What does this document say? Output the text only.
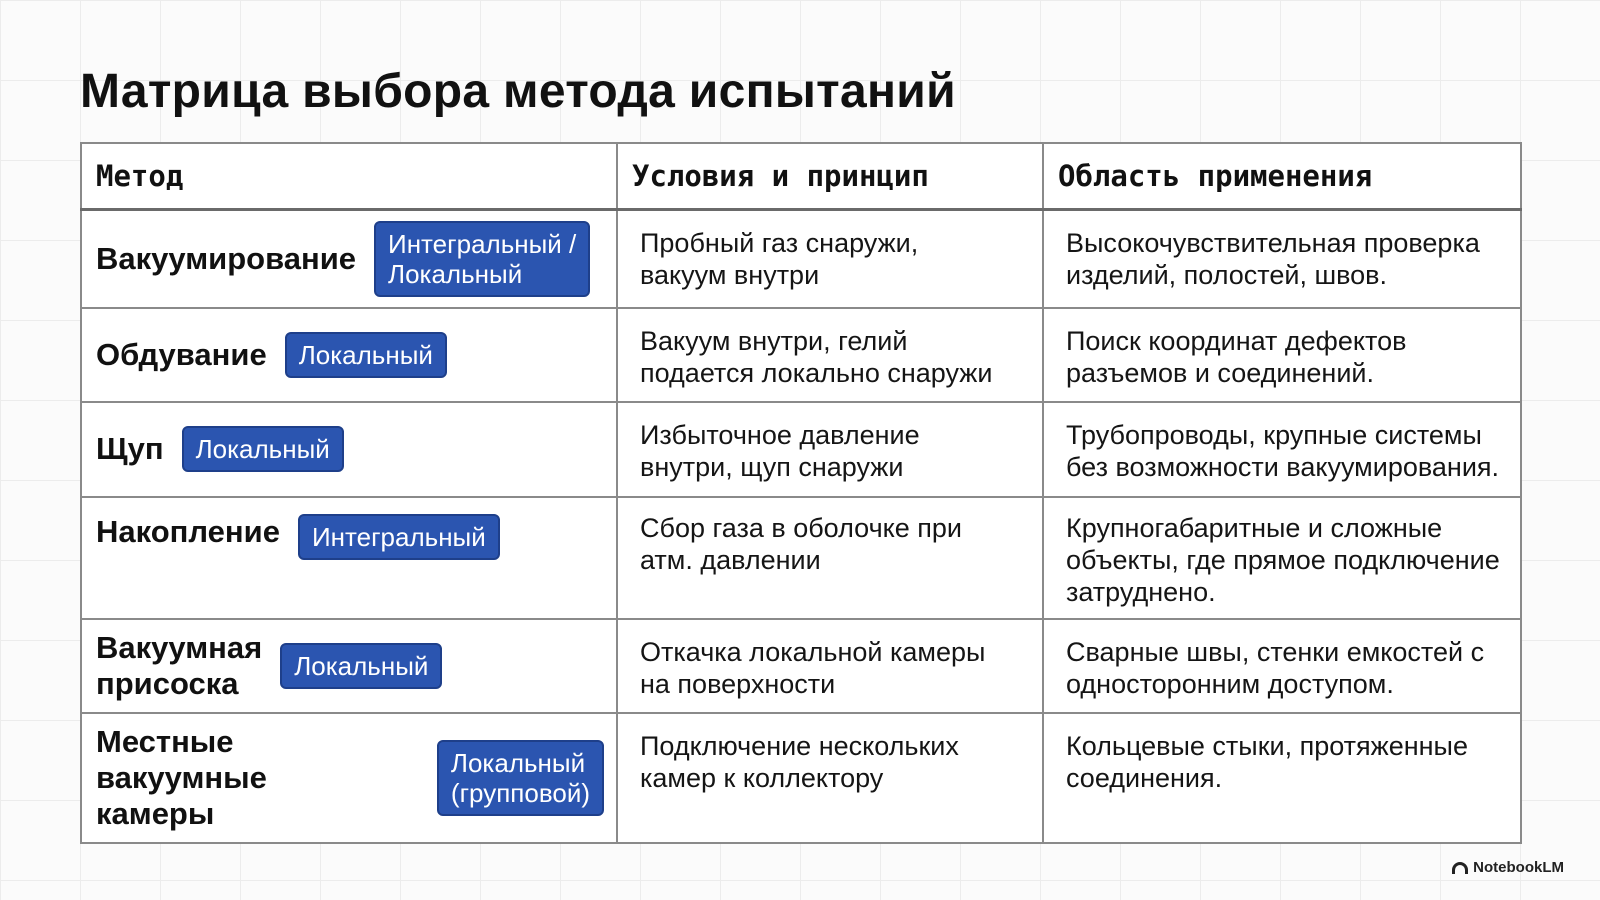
Матрица выбора метода испытаний
Метод	Условия и принцип	Область применения

Вакуумирование Интегральный /
Локальный	Пробный газ снаружи,
вакуум внутри	Высокочувствительная проверка
изделий, полостей, швов.

Обдувание Локальный	Вакуум внутри, гелий
подается локально снаружи	Поиск координат дефектов
разъемов и соединений.

Щуп Локальный	Избыточное давление
внутри, щуп снаружи	Трубопроводы, крупные системы
без возможности вакуумирования.

Накопление Интегральный	Сбор газа в оболочке при
атм. давлении	Крупногабаритные и сложные
объекты, где прямое подключение
затруднено.

Вакуумная
присоска Локальный	Откачка локальной камеры
на поверхности	Сварные швы, стенки емкостей с
односторонним доступом.

Местные вакуумные
камеры
Локальный
(групповой)	Подключение нескольких
камер к коллектору	Кольцевые стыки, протяженные
соединения.
NotebookLM
